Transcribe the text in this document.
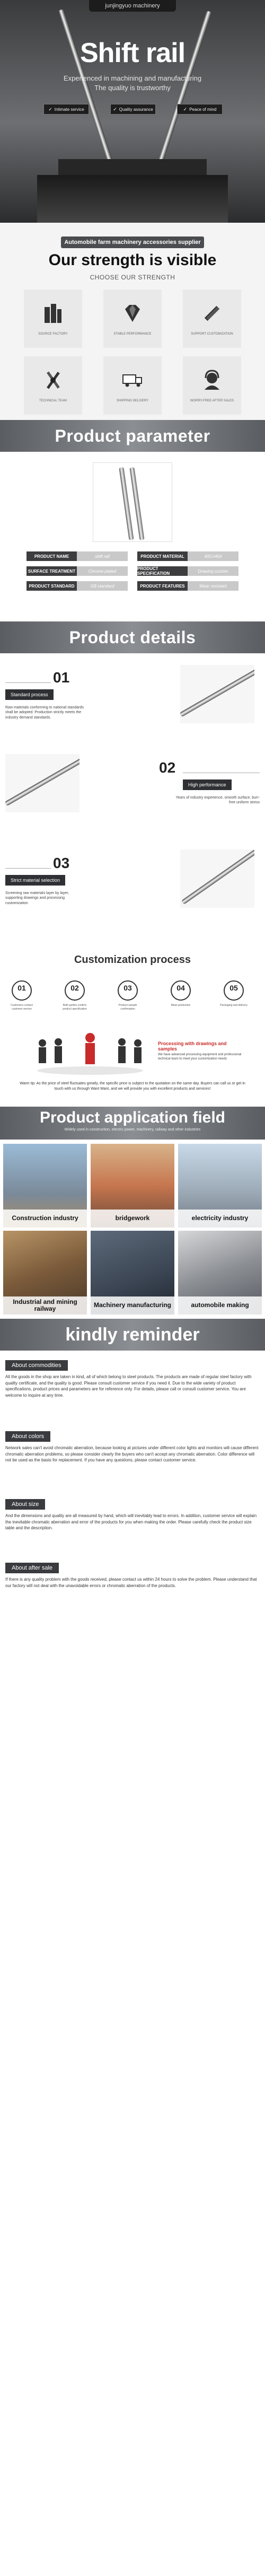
junjingyuo machinery
Shift rail
Experienced in machining and manufacturing
The quality is trustworthy
✓ Intimate service	✓ Quality assurance	✓ Peace of mind
Automobile farm machinery accessories supplier
Our strength is visible
CHOOSE OUR STRENGTH
SOURCE FACTORY	STABLE PERFORMANCE	SUPPORT CUSTOMIZATION
TECHNICAL TEAM	SHIPPING DELIVERY	WORRY-FREE AFTER SALES
Product parameter
PRODUCT NAME	shift rail	PRODUCT MATERIAL	40Cr/45#
SURFACE TREATMENT	Chrome plated	PRODUCT SPECIFICATION	Drawing custom
PRODUCT STANDARD	GB standard	PRODUCT FEATURES	Wear resistant
Product details
01
Standard process
Raw materials conforming to national standards shall be adopted. Production strictly meets the industry demand standards.
02
High performance
Years of industry experience, smooth surface, burr-free uniform stress
03
Strict material selection
Screening raw materials layer by layer, supporting drawings and processing customization
Customization process
01	02	03	04	05
Customers contact customer service
Both parties confirm product specification
Product sample confirmation
Mass production	Packaging and delivery
Processing with drawings and samples

We have advanced processing equipment and professional technical team to meet your customization needs

Warm tip: As the price of steel fluctuates greatly, the specific price is subject to the quotation on the same day. Buyers can call us or get in touch with us through Want Want, and we will provide you with excellent products and services!
Product application field
Widely used in construction, electric power, machinery, railway and other industries
Construction industry	bridgework	electricity industry
Industrial and mining railway	Machinery manufacturing	automobile making
kindly reminder
About commodities
All the goods in the shop are taken in kind, all of which belong to steel products. The products are made of regular steel factory with quality certificate, and the quality is good. Please consult customer service if you need it. Due to the wide variety of product specifications, product prices and parameters are for reference only. For details, please call or consult customer service. You are welcome to inquire at any time.
About colors
Network sales can't avoid chromatic aberration, because looking at pictures under different color lights and monitors will cause different chromatic aberration problems, so please consider clearly the buyers who can't accept any chromatic aberration. Color difference will not be used as the basis for replacement. If you have any questions, please contact customer service.
About size
And the dimensions and quality are all measured by hand, which will inevitably lead to errors. In addition, customer service will explain the inevitable chromatic aberration and error of the products for you when making the order. Please carefully check the product size table and the description.
About after sale
If there is any quality problem with the goods received, please contact us within 24 hours to solve the problem. Please understand that our factory will not deal with the unavoidable errors or chromatic aberration of the products.
